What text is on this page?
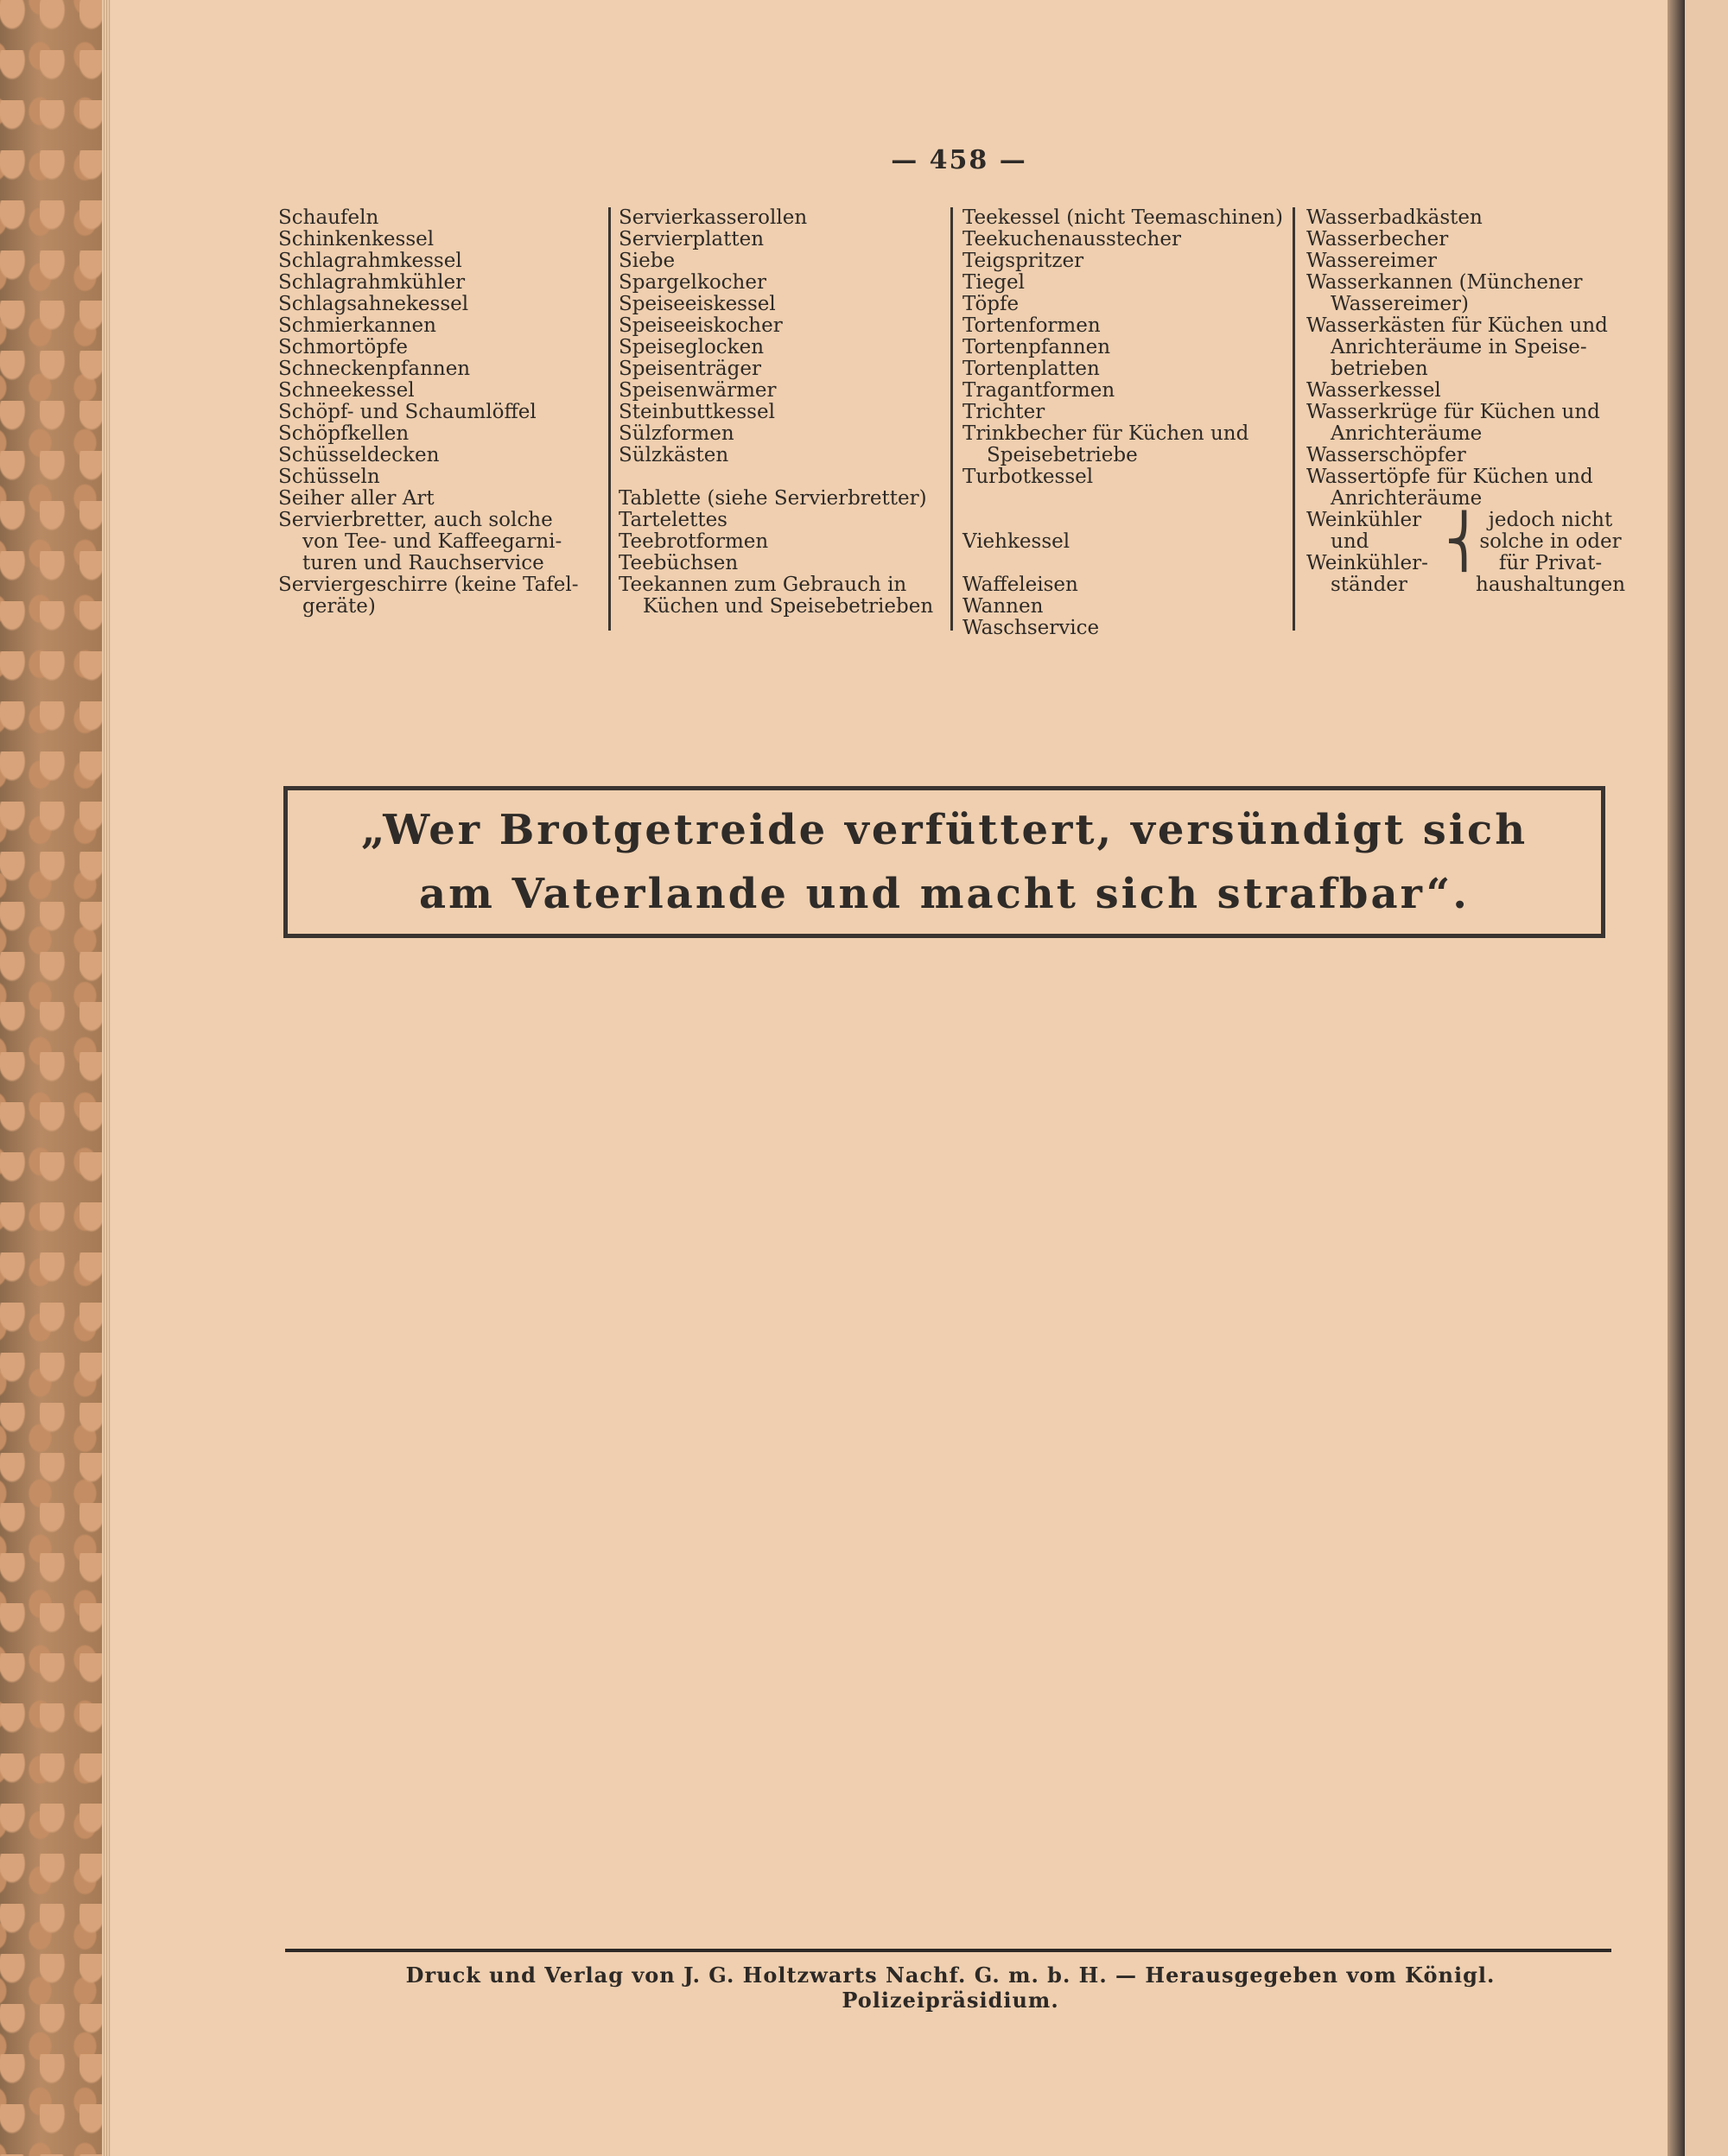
— 458 —
Schaufeln
Schinkenkessel
Schlagrahmkessel
Schlagrahmkühler
Schlagsahnekessel
Schmierkannen
Schmortöpfe
Schneckenpfannen
Schneekessel
Schöpf- und Schaumlöffel
Schöpfkellen
Schüsseldecken
Schüsseln
Seiher aller Art
Servierbretter, auch solche
von Tee- und Kaffeegarni-
turen und Rauchservice
Serviergeschirre (keine Tafel-
geräte)
Servierkasserollen
Servierplatten
Siebe
Spargelkocher
Speiseeiskessel
Speiseeiskocher
Speiseglocken
Speisenträger
Speisenwärmer
Steinbuttkessel
Sülzformen
Sülzkästen

Tablette (siehe Servierbretter)
Tartelettes
Teebrotformen
Teebüchsen
Teekannen zum Gebrauch in
Küchen und Speisebetrieben
Teekessel (nicht Teemaschinen)
Teekuchenausstecher
Teigspritzer
Tiegel
Töpfe
Tortenformen
Tortenpfannen
Tortenplatten
Tragantformen
Trichter
Trinkbecher für Küchen und
Speisebetriebe
Turbotkessel

Viehkessel

Waffeleisen
Wannen
Waschservice
Wasserbadkästen
Wasserbecher
Wassereimer
Wasserkannen (Münchener
Wassereimer)
Wasserkästen für Küchen und
Anrichteräume in Speise-
betrieben
Wasserkessel
Wasserkrüge für Küchen und
Anrichteräume
Wasserschöpfer
Wassertöpfe für Küchen und
Anrichteräume
Weinkühler
und
Weinkühler-
ständer
⎨ jedoch nicht
solche in oder
für Privat-
haushaltungen
„Wer Brotgetreide verfüttert, versündigt sich
am Vaterlande und macht sich strafbar“.
Druck und Verlag von J. G. Holtzwarts Nachf. G. m. b. H. — Herausgegeben vom Königl. Polizeipräsidium.
